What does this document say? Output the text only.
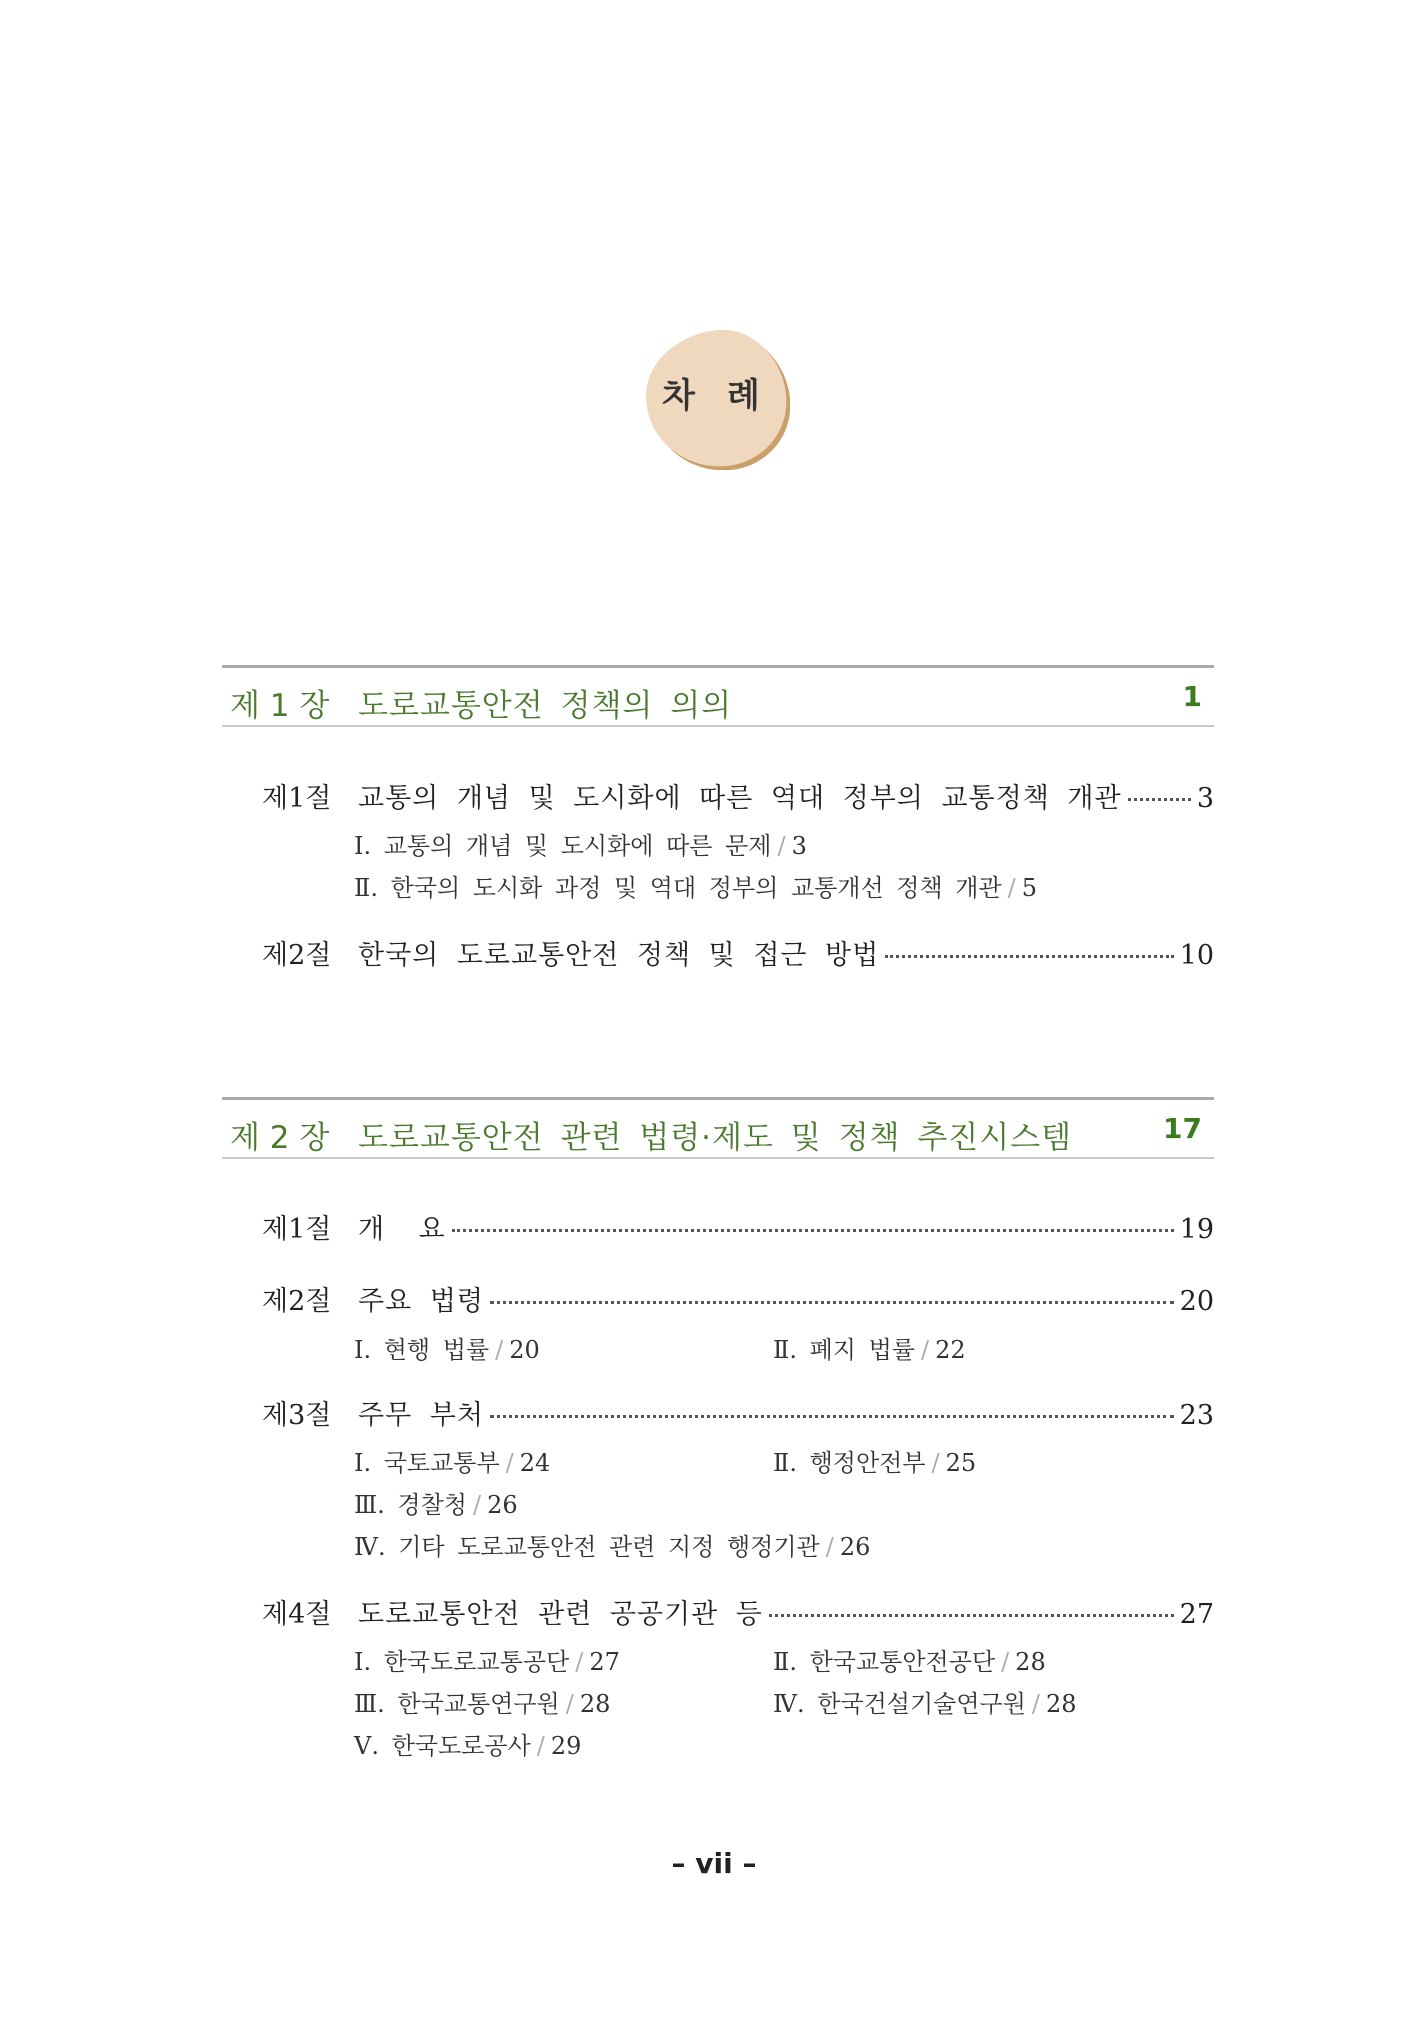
차 례
제 1 장 도로교통안전 정책의 의의	1
제1절 교통의 개념 및 도시화에 따른 역대 정부의 교통정책 개관	3
Ⅰ. 교통의 개념 및 도시화에 따른 문제 / 3
Ⅱ. 한국의 도시화 과정 및 역대 정부의 교통개선 정책 개관 / 5
제2절 한국의 도로교통안전 정책 및 접근 방법	10
제 2 장 도로교통안전 관련 법령·제도 및 정책 추진시스템	17
제1절 개 요	19
제2절 주요 법령	20
Ⅰ. 현행 법률 / 20	Ⅱ. 폐지 법률 / 22
제3절 주무 부처	23
Ⅰ. 국토교통부 / 24	Ⅱ. 행정안전부 / 25
Ⅲ. 경찰청 / 26
Ⅳ. 기타 도로교통안전 관련 지정 행정기관 / 26
제4절 도로교통안전 관련 공공기관 등	27
Ⅰ. 한국도로교통공단 / 27	Ⅱ. 한국교통안전공단 / 28
Ⅲ. 한국교통연구원 / 28	Ⅳ. 한국건설기술연구원 / 28
Ⅴ. 한국도로공사 / 29
– vii –
